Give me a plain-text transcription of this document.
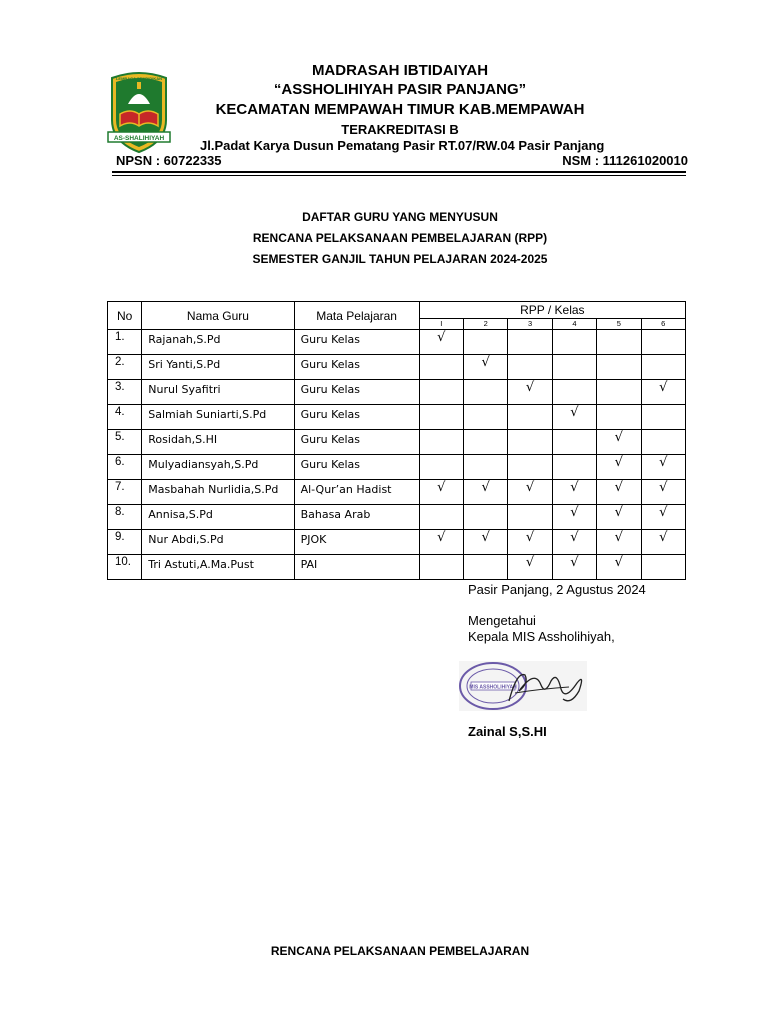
AS-SHALIHIYAH
LEMBAGA PENDIDIKAN	MADRASAH IBTIDAIYAH
“ASSHOLIHIYAH PASIR PANJANG”
KECAMATAN MEMPAWAH TIMUR KAB.MEMPAWAH
TERAKREDITASI B
Jl.Padat Karya Dusun Pematang Pasir RT.07/RW.04 Pasir Panjang
NPSN : 60722335	NSM : 111261020010
DAFTAR GURU YANG MENYUSUN
RENCANA PELAKSANAAN PEMBELAJARAN (RPP)
SEMESTER GANJIL TAHUN PELAJARAN 2024-2025
No	Nama Guru	Mata Pelajaran	RPP / Kelas					
			I	2	3	4	5	6
1.	Rajanah,S.Pd	Guru Kelas	√					
2.	Sri Yanti,S.Pd	Guru Kelas		√				
3.	Nurul Syafitri	Guru Kelas			√			√
4.	Salmiah Suniarti,S.Pd	Guru Kelas				√		
5.	Rosidah,S.HI	Guru Kelas					√	
6.	Mulyadiansyah,S.Pd	Guru Kelas					√	√
7.	Masbahah Nurlidia,S.Pd	Al-Qur’an Hadist	√	√	√	√	√	√
8.	Annisa,S.Pd	Bahasa Arab				√	√	√
9.	Nur Abdi,S.Pd	PJOK	√	√	√	√	√	√
10.	Tri Astuti,A.Ma.Pust	PAI			√	√	√	
Pasir Panjang, 2 Agustus 2024
Mengetahui
Kepala MIS Assholihiyah,
MIS ASSHOLIHIYAH
Zainal S,S.HI
RENCANA PELAKSANAAN PEMBELAJARAN
